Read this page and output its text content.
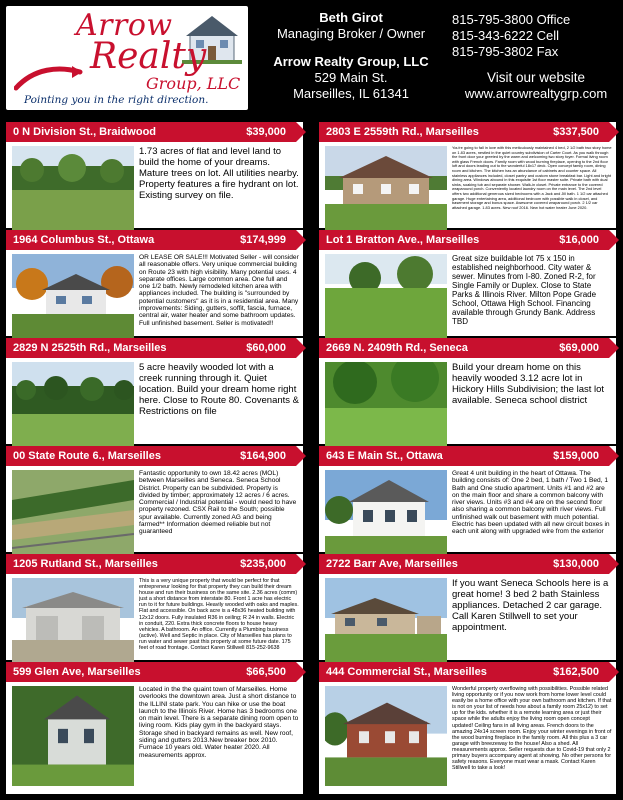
Arrow
Realty
Group, LLC
Pointing you in the right direction.
Beth Girot
Managing Broker / Owner
Arrow Realty Group, LLC
529 Main St.
Marseilles, IL 61341
815-795-3800 Office
815-343-6222 Cell
815-795-3802 Fax
Visit our website
www.arrowrealtygrp.com
0 N Division St., Braidwood	$39,000
1.73 acres of flat and level land to build the home of your dreams. Mature trees on lot. All utilities nearby. Property features a fire hydrant on lot. Existing survey on file.
2803 E 2559th Rd., Marseilles	$337,500
You're going to fall in love with this meticulously maintained 4 bed, 2 1/2 bath two story home on 1.83 acres, nestled in the quiet country subdivision of Carter Court. As you walk through the front door your greeted by the warm and welcoming two story foyer. Formal living room with glass French doors. Family room with wood burning fireplace, opening to the 2nd floor loft and doors leading out to the wonderful 18x17 deck. Open concept family room, dining room and kitchen. The kitchen has an abundance of cabinets and counter space. All stainless appliances included, closet pantry and custom stone breakfast bar. Light and bright dining area. Windows abound in this exquisite 1st floor master suite. Private bath with dual sinks, soaking tub and separate shower. Walk-in closet. Private entrance to the covered wraparound porch. Conveniently located laundry room on the main level. The 2nd level offers two additional generous sized bedrooms with a Jack and Jill bath. 1 1/2 car attached garage. Huge entertaining area, additional bedroom with possible walk in closet, and basement storage and bonus space. Awesome covered wraparound porch. 2 1/2 car attached garage. 1.83 acres. New roof 2016. New hot water heater June 2020.
1964 Columbus St., Ottawa	$174,999
OR LEASE OR SALE!!! Motivated Seller - will consider all reasonable offers. Very unique commercial building on Route 23 with high visibility. Many potential uses. 4 separate offices. Large common area. One full and one 1/2 bath. Newly remodeled kitchen area with appliances included. The building is "surrounded by potential customers" as it is in a residential area. Many improvements: Siding, gutters, soffit, fascia, furnace, central air, water heater and some bathroom updates. Full unfinished basement. Seller is motivated!!
Lot 1 Bratton Ave., Marseilles	$16,000
Great size buildable lot 75 x 150 in established neighborhood. City water & sewer. Minutes from I-80. Zoned R-2, for Single Family or Duplex. Close to State Parks & Illinois River. Milton Pope Grade School, Ottawa High School. Financing available through Grundy Bank. Address TBD
2829 N 2525th Rd., Marseilles	$60,000
5 acre heavily wooded lot with a creek running through it. Quiet location. Build your dream home right here. Close to Route 80. Covenants & Restrictions on file
2669 N. 2409th Rd., Seneca	$69,000
Build your dream home on this heavily wooded 3.12 acre lot in Hickory Hills Subdivision; the last lot available. Seneca school district
00 State Route 6., Marseilles	$164,900
Fantastic opportunity to own 18.42 acres (MOL) between Marseilles and Seneca. Seneca School District. Property can be subdivided. Property is divided by timber; approximately 12 acres / 6 acres. Commercial / Industrial potential - would need to have property rezoned. CSX Rail to the South; possible spur available. Currently zoned AG and being farmed** Information deemed reliable but not guaranteed
643 E Main St., Ottawa	$159,000
Great 4 unit building in the heart of Ottawa. The building consists of: One 2 bed, 1 bath / Two 1 Bed, 1 Bath and One studio apartment. Units #1 and #2 are on the main floor and share a common balcony with river views. Units #3 and #4 are on the second floor also sharing a common balcony with river views. Full unfinished walk out basement with much potential. Electric has been updated with all new circuit boxes in each unit along with upgraded wire from the exterior
1205 Rutland St., Marseilles	$235,000
This is a very unique property that would be perfect for that entrepreneur looking for that property they can build their dream house and run their business on the same site. 2.36 acres (comm) just a short distance from interstate 80. Front 1 acre has electric run to it for future buildings. Heavily wooded with oaks and maples. Flat and accessible. On back acre is a 48x36 heated building with 12x12 doors. Fully insulated R36 in ceiling; R 24 in walls. Electric in conduit, 220. Extra thick concrete floors to house heavy vehicles. A bathroom. An office. Currently a Plumbing business (active). Well and Septic in place. City of Marseilles has plans to run water and sewer past this property at some future date. 175 feet of road frontage. Contact Karen Stillwell 815-252-9638
2722 Barr Ave, Marseilles	$130,000
If you want Seneca Schools here is a great home! 3 bed 2 bath Stainless appliances. Detached 2 car garage. Call Karen Stillwell to set your appointment.
599 Glen Ave, Marseilles	$66,500
Located in the the quaint town of Marseilles. Home overlooks the downtown area. Just a short distance to the ILLINI state park. You can hike or use the boat launch to the Illinois River. Home has 3 bedrooms one on main level. There is a separate dining room open to living room. Kids play gym in the backyard stays. Storage shed in backyard remains as well. New roof, siding and gutters 2013.New breaker box 2010. Furnace 10 years old. Water heater 2020. All measurements approx.
444 Commercial St., Marseilles	$162,500
Wonderful property overflowing with possibilities. Possible related living opportunity or if you now work from home lower level could easily be a home office with your own bathroom and kitchen. If that is not on your list of needs how about a family room 25x12) to set up for the kids. whether it is a remote learning area or just their space while the adults enjoy the living room open concept updated! Ceiling fans in all living areas. French doors to the amazing 24x14 screen room. Enjoy your winter evenings in front of the wood burning fireplace in the family room. All this plus a 3 car garage with breezeway to the house! Also a shed. All measurements approx. Seller requests due to Covid-19 that only 2 primary buyers accompany agent at showing. No other persons for safety reasons. Everyone must wear a mask. Contact Karen Stillwell to take a look!
